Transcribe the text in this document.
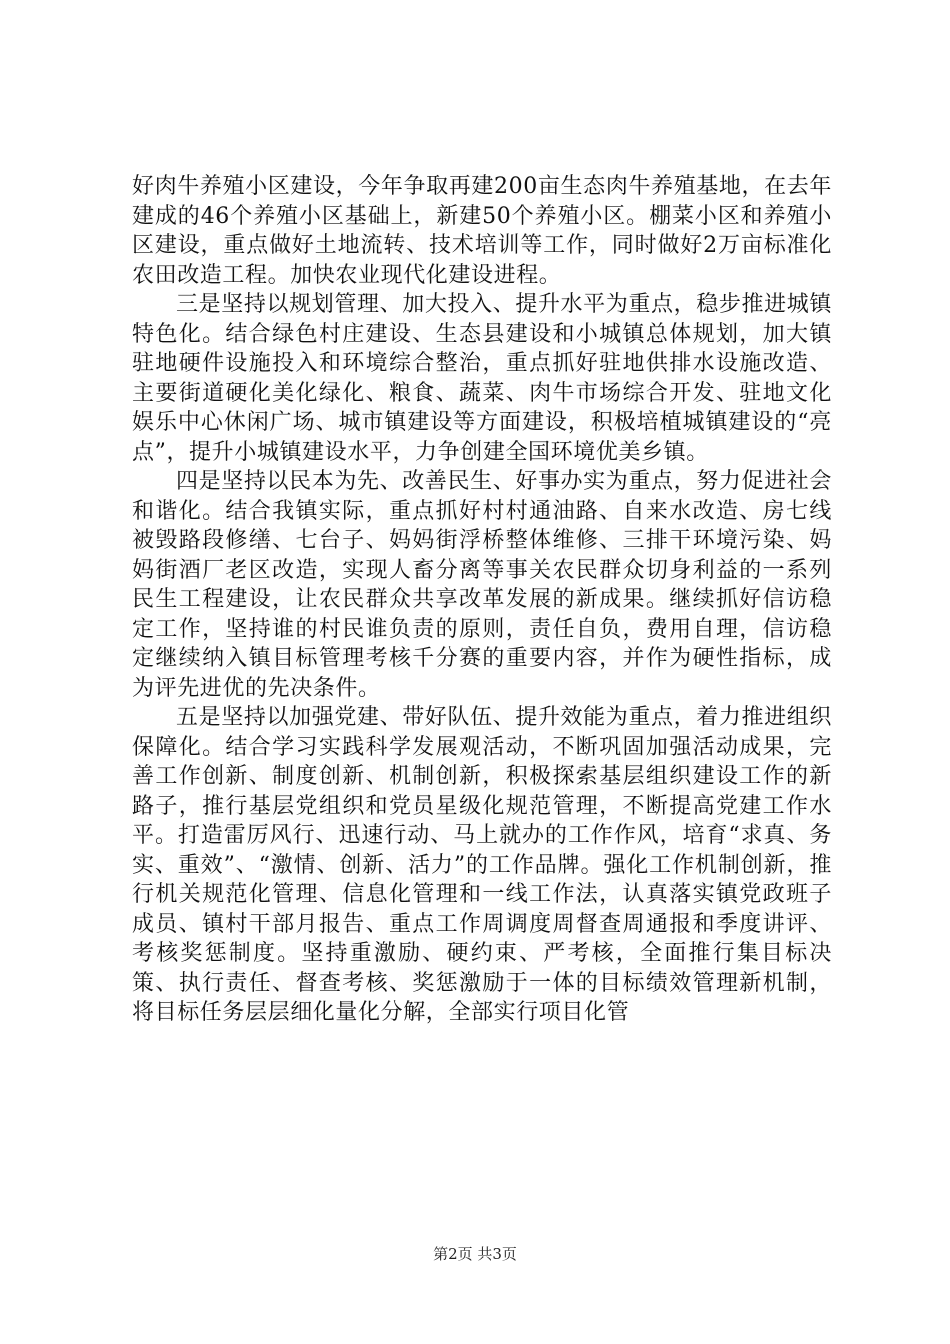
好肉牛养殖小区建设，今年争取再建200亩生态肉牛养殖基地，在去年建成的46个养殖小区基础上，新建50个养殖小区。棚菜小区和养殖小区建设，重点做好土地流转、技术培训等工作，同时做好2万亩标准化农田改造工程。加快农业现代化建设进程。

三是坚持以规划管理、加大投入、提升水平为重点，稳步推进城镇特色化。结合绿色村庄建设、生态县建设和小城镇总体规划，加大镇驻地硬件设施投入和环境综合整治，重点抓好驻地供排水设施改造、主要街道硬化美化绿化、粮食、蔬菜、肉牛市场综合开发、驻地文化娱乐中心休闲广场、城市镇建设等方面建设，积极培植城镇建设的“亮点”，提升小城镇建设水平，力争创建全国环境优美乡镇。

四是坚持以民本为先、改善民生、好事办实为重点，努力促进社会和谐化。结合我镇实际，重点抓好村村通油路、自来水改造、房七线被毁路段修缮、七台子、妈妈街浮桥整体维修、三排干环境污染、妈妈街酒厂老区改造，实现人畜分离等事关农民群众切身利益的一系列民生工程建设，让农民群众共享改革发展的新成果。继续抓好信访稳定工作，坚持谁的村民谁负责的原则，责任自负，费用自理，信访稳定继续纳入镇目标管理考核千分赛的重要内容，并作为硬性指标，成为评先进优的先决条件。

五是坚持以加强党建、带好队伍、提升效能为重点，着力推进组织保障化。结合学习实践科学发展观活动，不断巩固加强活动成果，完善工作创新、制度创新、机制创新，积极探索基层组织建设工作的新路子，推行基层党组织和党员星级化规范管理，不断提高党建工作水平。打造雷厉风行、迅速行动、马上就办的工作作风，培育“求真、务实、重效”、“激情、创新、活力”的工作品牌。强化工作机制创新，推行机关规范化管理、信息化管理和一线工作法，认真落实镇党政班子成员、镇村干部月报告、重点工作周调度周督查周通报和季度讲评、考核奖惩制度。坚持重激励、硬约束、严考核，全面推行集目标决策、执行责任、督查考核、奖惩激励于一体的目标绩效管理新机制，将目标任务层层细化量化分解，全部实行项目化管

第2页 共3页
